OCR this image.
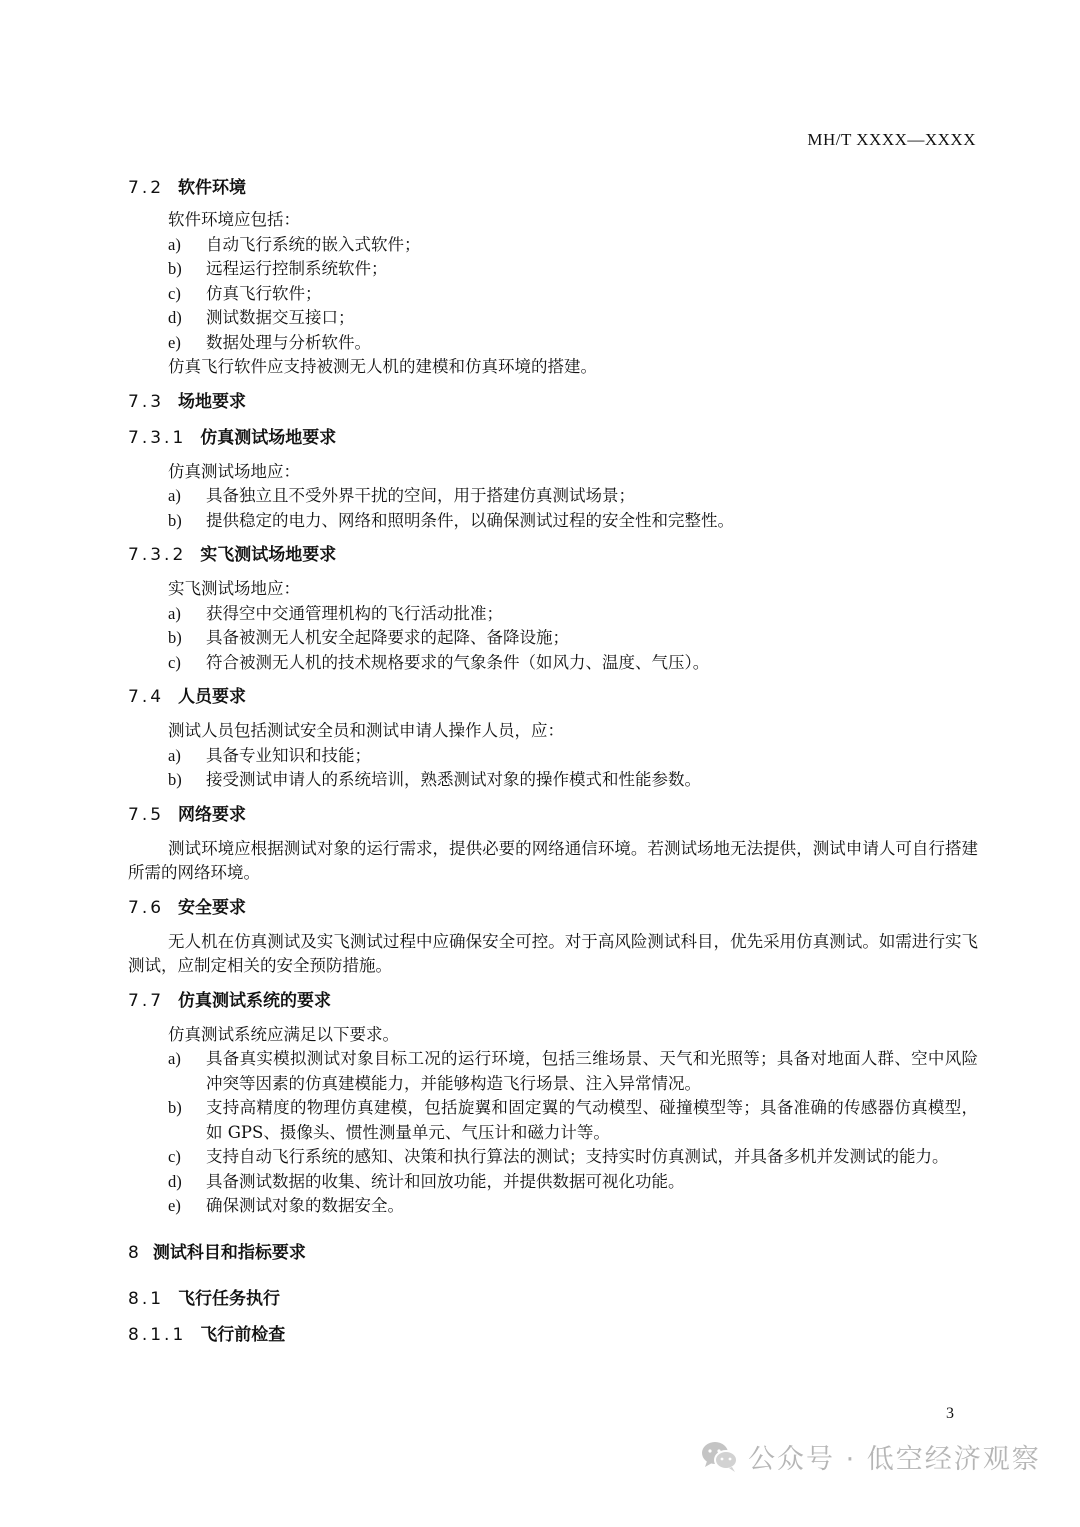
MH/T XXXX—XXXX
7.2 软件环境
软件环境应包括：
a) 自动飞行系统的嵌入式软件；
b) 远程运行控制系统软件；
c) 仿真飞行软件；
d) 测试数据交互接口；
e) 数据处理与分析软件。
仿真飞行软件应支持被测无人机的建模和仿真环境的搭建。
7.3 场地要求
7.3.1 仿真测试场地要求
仿真测试场地应：
a) 具备独立且不受外界干扰的空间，用于搭建仿真测试场景；
b) 提供稳定的电力、网络和照明条件，以确保测试过程的安全性和完整性。
7.3.2 实飞测试场地要求
实飞测试场地应：
a) 获得空中交通管理机构的飞行活动批准；
b) 具备被测无人机安全起降要求的起降、备降设施；
c) 符合被测无人机的技术规格要求的气象条件（如风力、温度、气压）。
7.4 人员要求
测试人员包括测试安全员和测试申请人操作人员，应：
a) 具备专业知识和技能；
b) 接受测试申请人的系统培训，熟悉测试对象的操作模式和性能参数。
7.5 网络要求
测试环境应根据测试对象的运行需求，提供必要的网络通信环境。若测试场地无法提供，测试申请人可自行搭建所需的网络环境。
7.6 安全要求
无人机在仿真测试及实飞测试过程中应确保安全可控。对于高风险测试科目，优先采用仿真测试。如需进行实飞测试，应制定相关的安全预防措施。
7.7 仿真测试系统的要求
仿真测试系统应满足以下要求。
a) 具备真实模拟测试对象目标工况的运行环境，包括三维场景、天气和光照等；具备对地面人群、空中风险冲突等因素的仿真建模能力，并能够构造飞行场景、注入异常情况。
b) 支持高精度的物理仿真建模，包括旋翼和固定翼的气动模型、碰撞模型等；具备准确的传感器仿真模型，如 GPS、摄像头、惯性测量单元、气压计和磁力计等。
c) 支持自动飞行系统的感知、决策和执行算法的测试；支持实时仿真测试，并具备多机并发测试的能力。
d) 具备测试数据的收集、统计和回放功能，并提供数据可视化功能。
e) 确保测试对象的数据安全。
8 测试科目和指标要求
8.1 飞行任务执行
8.1.1 飞行前检查
3
公众号 · 低空经济观察
